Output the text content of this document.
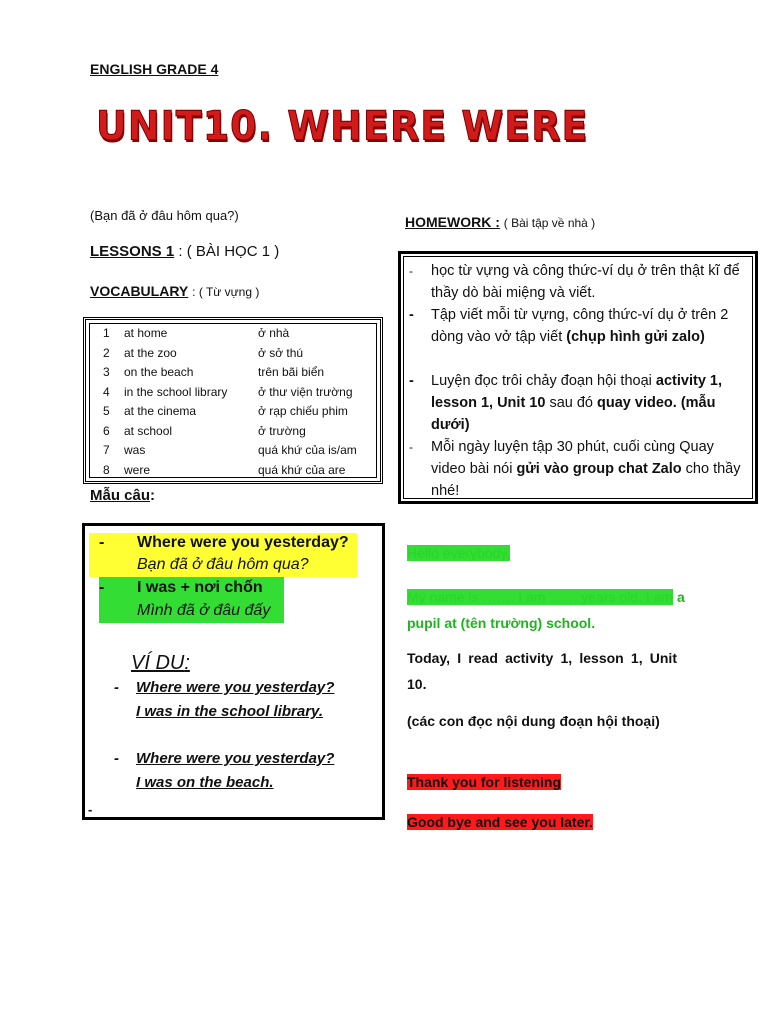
ENGLISH GRADE 4
UNIT10. WHERE WERE
(Bạn đã ở đâu hôm qua?)
LESSONS 1 : ( BÀI HỌC 1 )
VOCABULARY : ( Từ vựng )
1 at home	ở nhà
2 at the zoo	ở sở thú
3 on the beach	trên bãi biển
4 in the school library	ở thư viện trường
5 at the cinema	ở rạp chiếu phim
6 at school	ở trường
7 was	quá khứ của is/am
8 were	quá khứ của are
Mẫu câu:
- Where were you yesterday?
Bạn đã ở đâu hôm qua?
- I was + nơi chốn
Mình đã ở đâu đấy
VÍ DU:
- Where were you yesterday?
I was in the school library.
- Where were you yesterday?
I was on the beach.
-
HOMEWORK : ( Bài tập về nhà )
- học từ vựng và công thức-ví dụ ở trên thật kĩ để thầy dò bài miệng và viết.
- Tập viết mỗi từ vựng, công thức-ví dụ ở trên 2 dòng vào vở tập viết (chụp hình gửi zalo)
- Luyện đọc trôi chảy đoạn hội thoại activity 1, lesson 1, Unit 10 sau đó quay video. (mẫu dưới)
- Mỗi ngày luyện tập 30 phút, cuối cùng Quay video bài nói gửi vào group chat Zalo cho thầy nhé!
Hello everybody,
My name is ……. I am …… years old. I am a pupil at (tên trường) school.
Today, I read activity 1, lesson 1, Unit 10.
(các con đọc nội dung đoạn hội thoại)
Thank you for listening
Good bye and see you later.
